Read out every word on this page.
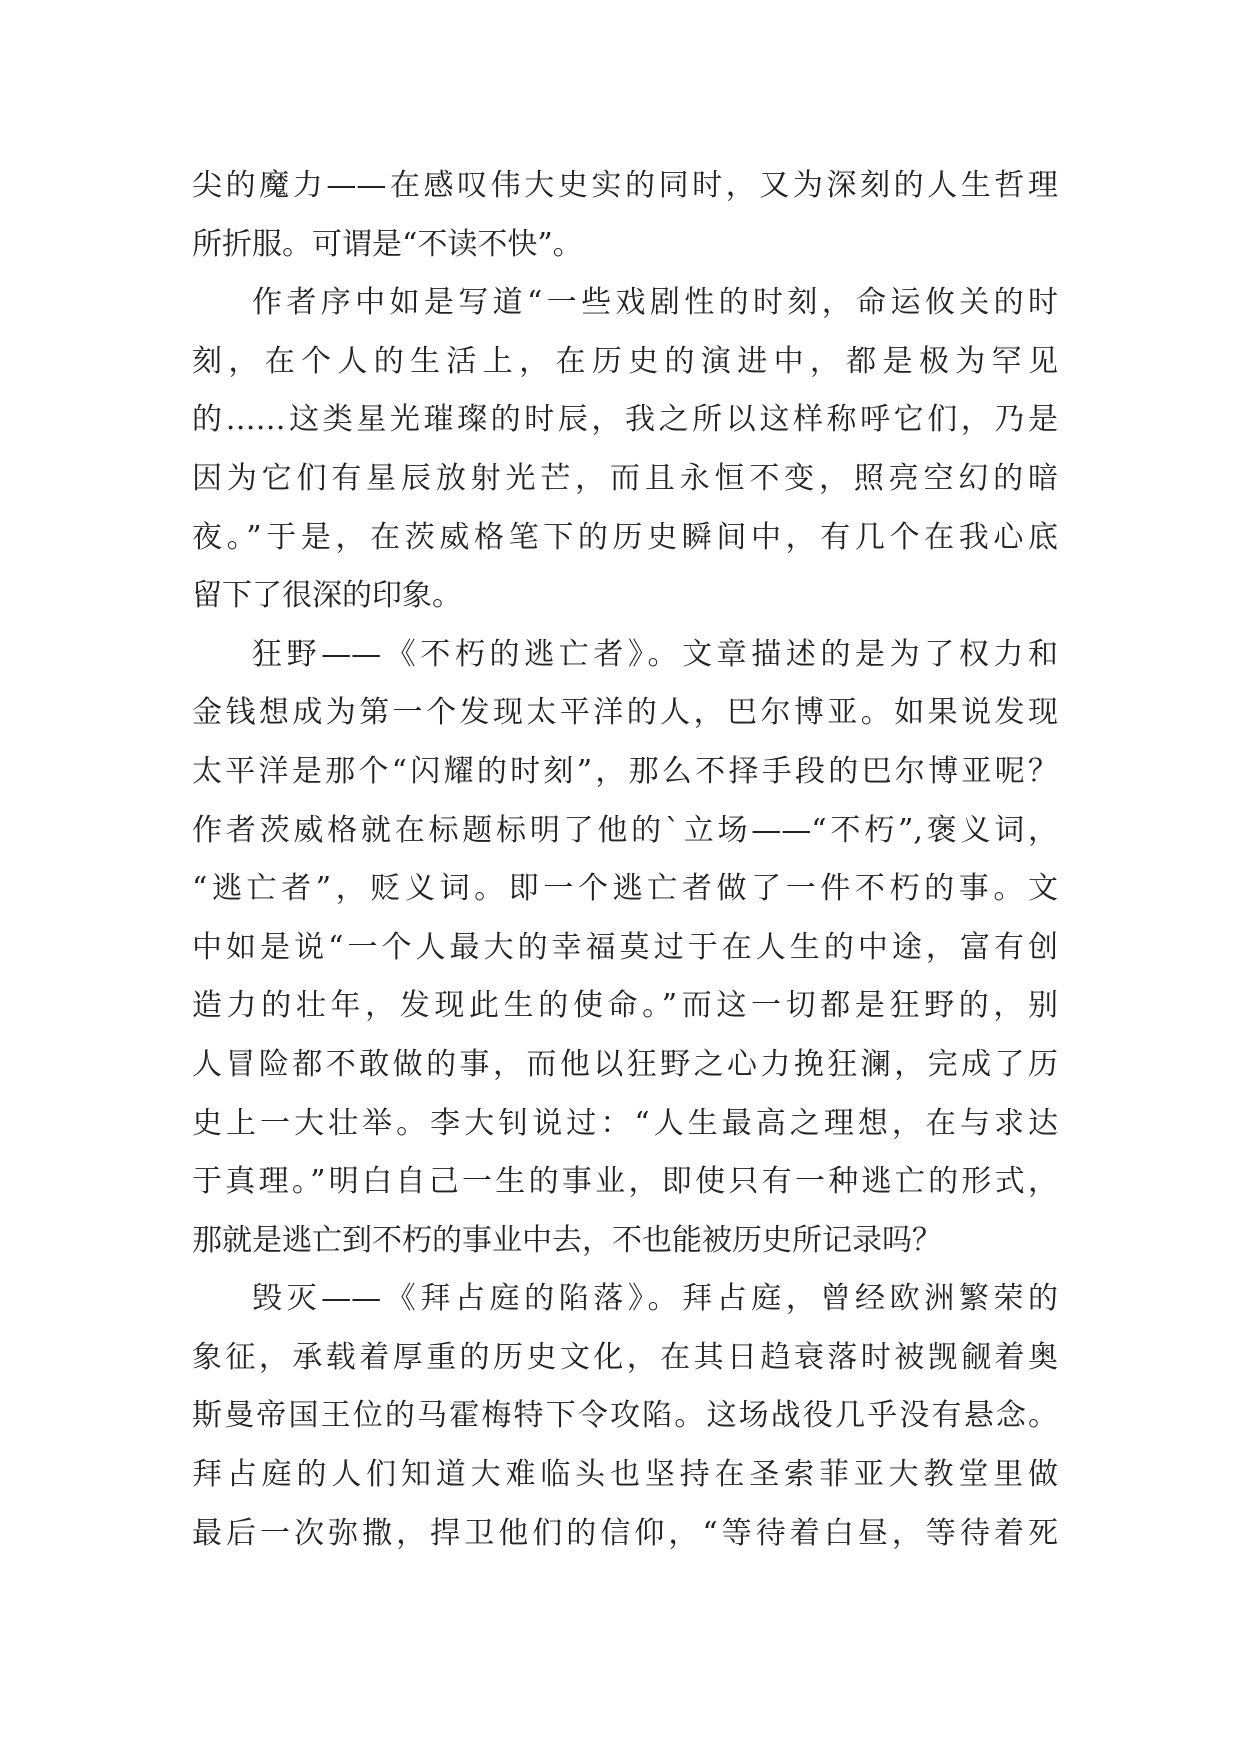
尖的魔力——在感叹伟大史实的同时，又为深刻的人生哲理
所折服。可谓是“不读不快”。
作者序中如是写道“一些戏剧性的时刻，命运攸关的时
刻，在个人的生活上，在历史的演进中，都是极为罕见
的……这类星光璀璨的时辰，我之所以这样称呼它们，乃是
因为它们有星辰放射光芒，而且永恒不变，照亮空幻的暗
夜。”于是，在茨威格笔下的历史瞬间中，有几个在我心底
留下了很深的印象。
狂野——《不朽的逃亡者》。文章描述的是为了权力和
金钱想成为第一个发现太平洋的人，巴尔博亚。如果说发现
太平洋是那个“闪耀的时刻”，那么不择手段的巴尔博亚呢？
作者茨威格就在标题标明了他的`立场——“不朽”,褒义词，
“逃亡者”，贬义词。即一个逃亡者做了一件不朽的事。文
中如是说“一个人最大的幸福莫过于在人生的中途，富有创
造力的壮年，发现此生的使命。”而这一切都是狂野的，别
人冒险都不敢做的事，而他以狂野之心力挽狂澜，完成了历
史上一大壮举。李大钊说过：“人生最高之理想，在与求达
于真理。”明白自己一生的事业，即使只有一种逃亡的形式，
那就是逃亡到不朽的事业中去，不也能被历史所记录吗？
毁灭——《拜占庭的陷落》。拜占庭，曾经欧洲繁荣的
象征，承载着厚重的历史文化，在其日趋衰落时被觊觎着奥
斯曼帝国王位的马霍梅特下令攻陷。这场战役几乎没有悬念。
拜占庭的人们知道大难临头也坚持在圣索菲亚大教堂里做
最后一次弥撒，捍卫他们的信仰，“等待着白昼，等待着死
